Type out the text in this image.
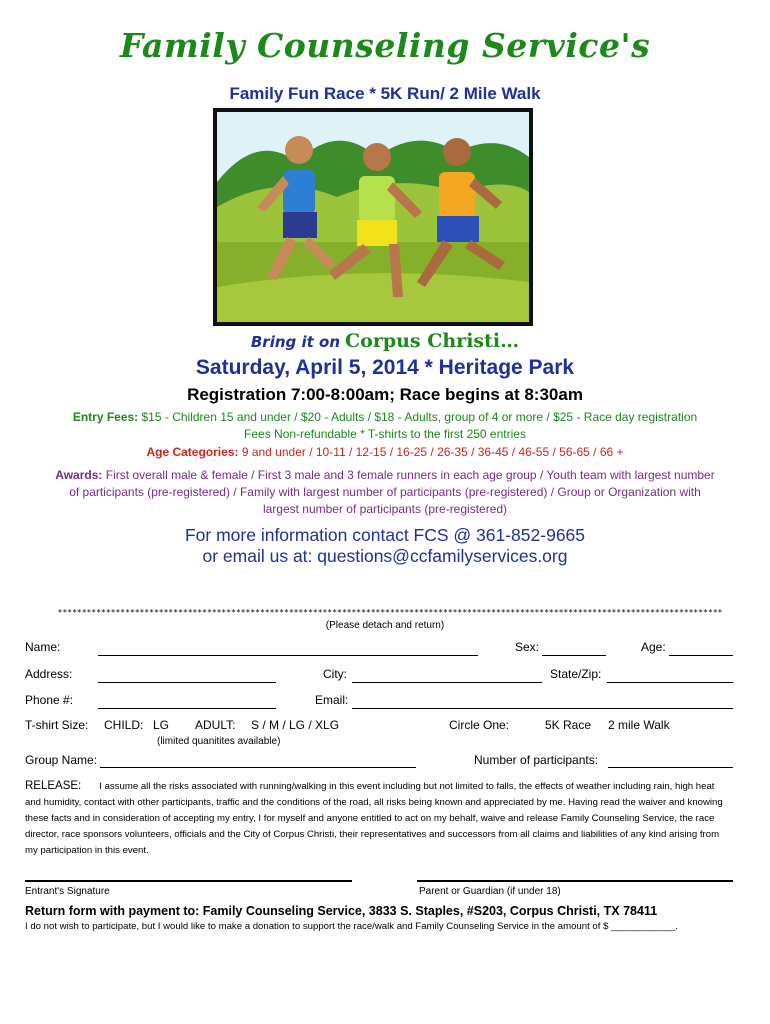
Family Counseling Service's
Family Fun Race * 5K Run/ 2 Mile Walk
Bring it on Corpus Christi…
Saturday, April 5, 2014 * Heritage Park
Registration 7:00-8:00am; Race begins at 8:30am
Entry Fees: $15 - Children 15 and under / $20 - Adults / $18 - Adults, group of 4 or more / $25 - Race day registration
Fees Non-refundable * T-shirts to the first 250 entries
Age Categories: 9 and under / 10-11 / 12-15 / 16-25 / 26-35 / 36-45 / 46-55 / 56-65 / 66 +
Awards: First overall male & female / First 3 male and 3 female runners in each age group / Youth team with largest number of participants (pre-registered) / Family with largest number of participants (pre-registered) / Group or Organization with largest number of participants (pre-registered)
For more information contact FCS @ 361-852-9665
or email us at: questions@ccfamilyservices.org
******************************************************************************************************************************************
(Please detach and return)
Name:	Sex:	Age:
Address:	City:	State/Zip:
Phone #:	Email:
T-shirt Size: CHILD: LG ADULT: S / M / LG / XLG	Circle One:	5K Race 2 mile Walk
(limited quanitites available)
Group Name:	Number of participants:
RELEASE: I assume all the risks associated with running/walking in this event including but not limited to falls, the effects of weather including rain, high heat and humidity, contact with other participants, traffic and the conditions of the road, all risks being known and appreciated by me. Having read the waiver and knowing these facts and in consideration of accepting my entry, I for myself and anyone entitled to act on my behalf, waive and release Family Counseling Service, the race director, race sponsors volunteers, officials and the City of Corpus Christi, their representatives and successors from all claims and liabilities of any kind arising from my participation in this event.
Entrant's Signature	Parent or Guardian (if under 18)
Return form with payment to: Family Counseling Service, 3833 S. Staples, #S203, Corpus Christi, TX 78411
I do not wish to participate, but I would like to make a donation to support the race/walk and Family Counseling Service in the amount of $ ____________.
